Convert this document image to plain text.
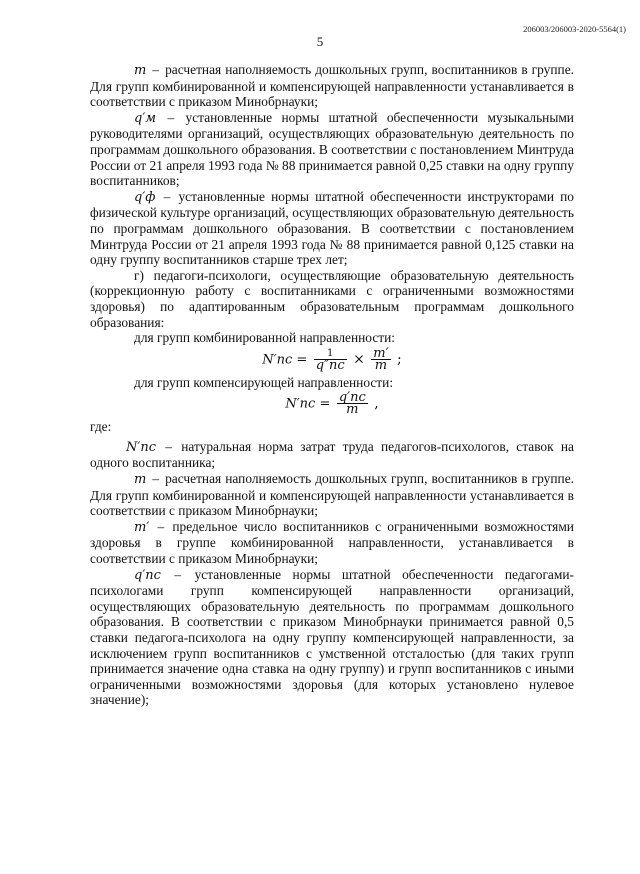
206003/206003-2020-5564(1)
5

m – расчетная наполняемость дошкольных групп, воспитанников в группе. Для групп комбинированной и компенсирующей направленности устанавливается в соответствии с приказом Минобрнауки;

q′м – установленные нормы штатной обеспеченности музыкальными руководителями организаций, осуществляющих образовательную деятельность по программам дошкольного образования. В соответствии с постановлением Минтруда России от 21 апреля 1993 года № 88 принимается равной 0,25 ставки на одну группу воспитанников;

q′ф – установленные нормы штатной обеспеченности инструкторами по физической культуре организаций, осуществляющих образовательную деятельность по программам дошкольного образования. В соответствии с постановлением Минтруда России от 21 апреля 1993 года № 88 принимается равной 0,125 ставки на одну группу воспитанников старше трех лет;

г) педагоги-психологи, осуществляющие образовательную деятельность (коррекционную работу с воспитанниками с ограниченными возможностями здоровья) по адаптированным образовательным программам дошкольного образования:

для групп комбинированной направленности:

$N'пс = \frac{1}{q''пс} \times \frac{m'}{m}$ ;

для групп компенсирующей направленности:

$N'пс = \frac{q'пс}{m}$ ,

где:

N′пс – натуральная норма затрат труда педагогов-психологов, ставок на одного воспитанника;

m – расчетная наполняемость дошкольных групп, воспитанников в группе. Для групп комбинированной и компенсирующей направленности устанавливается в соответствии с приказом Минобрнауки;

m′ – предельное число воспитанников с ограниченными возможностями здоровья в группе комбинированной направленности, устанавливается в соответствии с приказом Минобрнауки;

q′пс – установленные нормы штатной обеспеченности педагогами-психологами групп компенсирующей направленности организаций, осуществляющих образовательную деятельность по программам дошкольного образования. В соответствии с приказом Минобрнауки принимается равной 0,5 ставки педагога-психолога на одну группу компенсирующей направленности, за исключением групп воспитанников с умственной отсталостью (для таких групп принимается значение одна ставка на одну группу) и групп воспитанников с иными ограниченными возможностями здоровья (для которых установлено нулевое значение);
